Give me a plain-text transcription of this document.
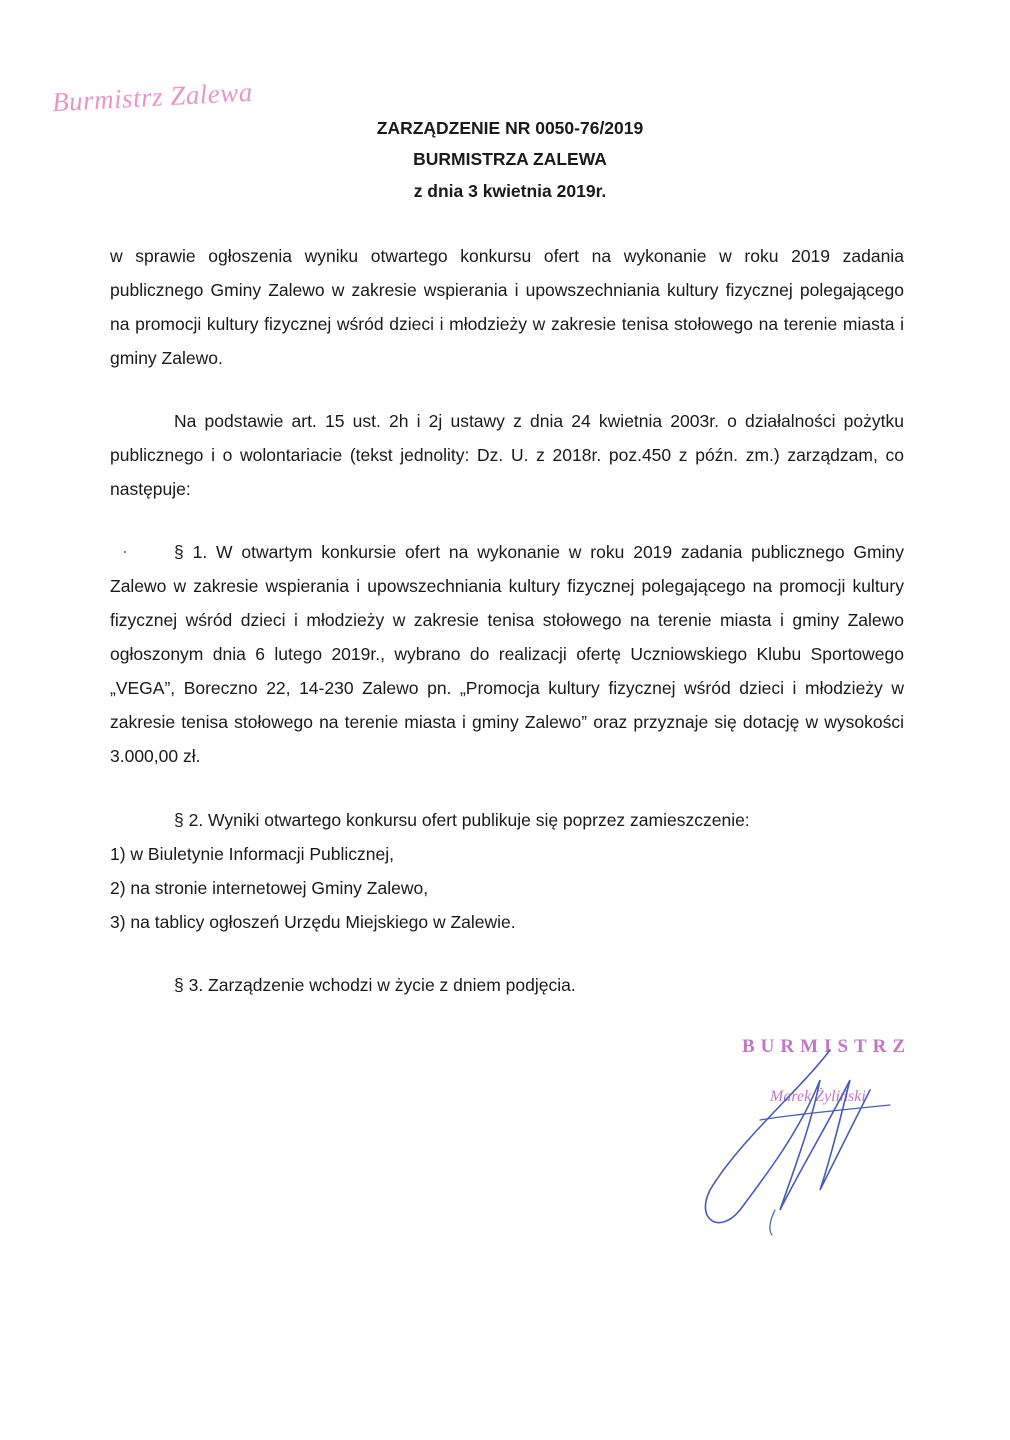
Burmistrz Zalewa
ZARZĄDZENIE NR 0050-76/2019
BURMISTRZA ZALEWA
z dnia 3 kwietnia 2019r.
w sprawie ogłoszenia wyniku otwartego konkursu ofert na wykonanie w roku 2019 zadania publicznego Gminy Zalewo w zakresie wspierania i upowszechniania kultury fizycznej polegającego na promocji kultury fizycznej wśród dzieci i młodzieży w zakresie tenisa stołowego na terenie miasta i gminy Zalewo.
Na podstawie art. 15 ust. 2h i 2j ustawy z dnia 24 kwietnia 2003r. o działalności pożytku publicznego i o wolontariacie (tekst jednolity: Dz. U. z 2018r. poz.450 z późn. zm.) zarządzam, co następuje:
§ 1. W otwartym konkursie ofert na wykonanie w roku 2019 zadania publicznego Gminy Zalewo w zakresie wspierania i upowszechniania kultury fizycznej polegającego na promocji kultury fizycznej wśród dzieci i młodzieży w zakresie tenisa stołowego na terenie miasta i gminy Zalewo ogłoszonym dnia 6 lutego 2019r., wybrano do realizacji ofertę Uczniowskiego Klubu Sportowego „VEGA”, Boreczno 22, 14-230 Zalewo pn. „Promocja kultury fizycznej wśród dzieci i młodzieży w zakresie tenisa stołowego na terenie miasta i gminy Zalewo” oraz przyznaje się dotację w wysokości 3.000,00 zł.
§ 2. Wyniki otwartego konkursu ofert publikuje się poprzez zamieszczenie:
1) w Biuletynie Informacji Publicznej,
2) na stronie internetowej Gminy Zalewo,
3) na tablicy ogłoszeń Urzędu Miejskiego w Zalewie.
§ 3. Zarządzenie wchodzi w życie z dniem podjęcia.
BURMISTRZ
Marek Żyliński
